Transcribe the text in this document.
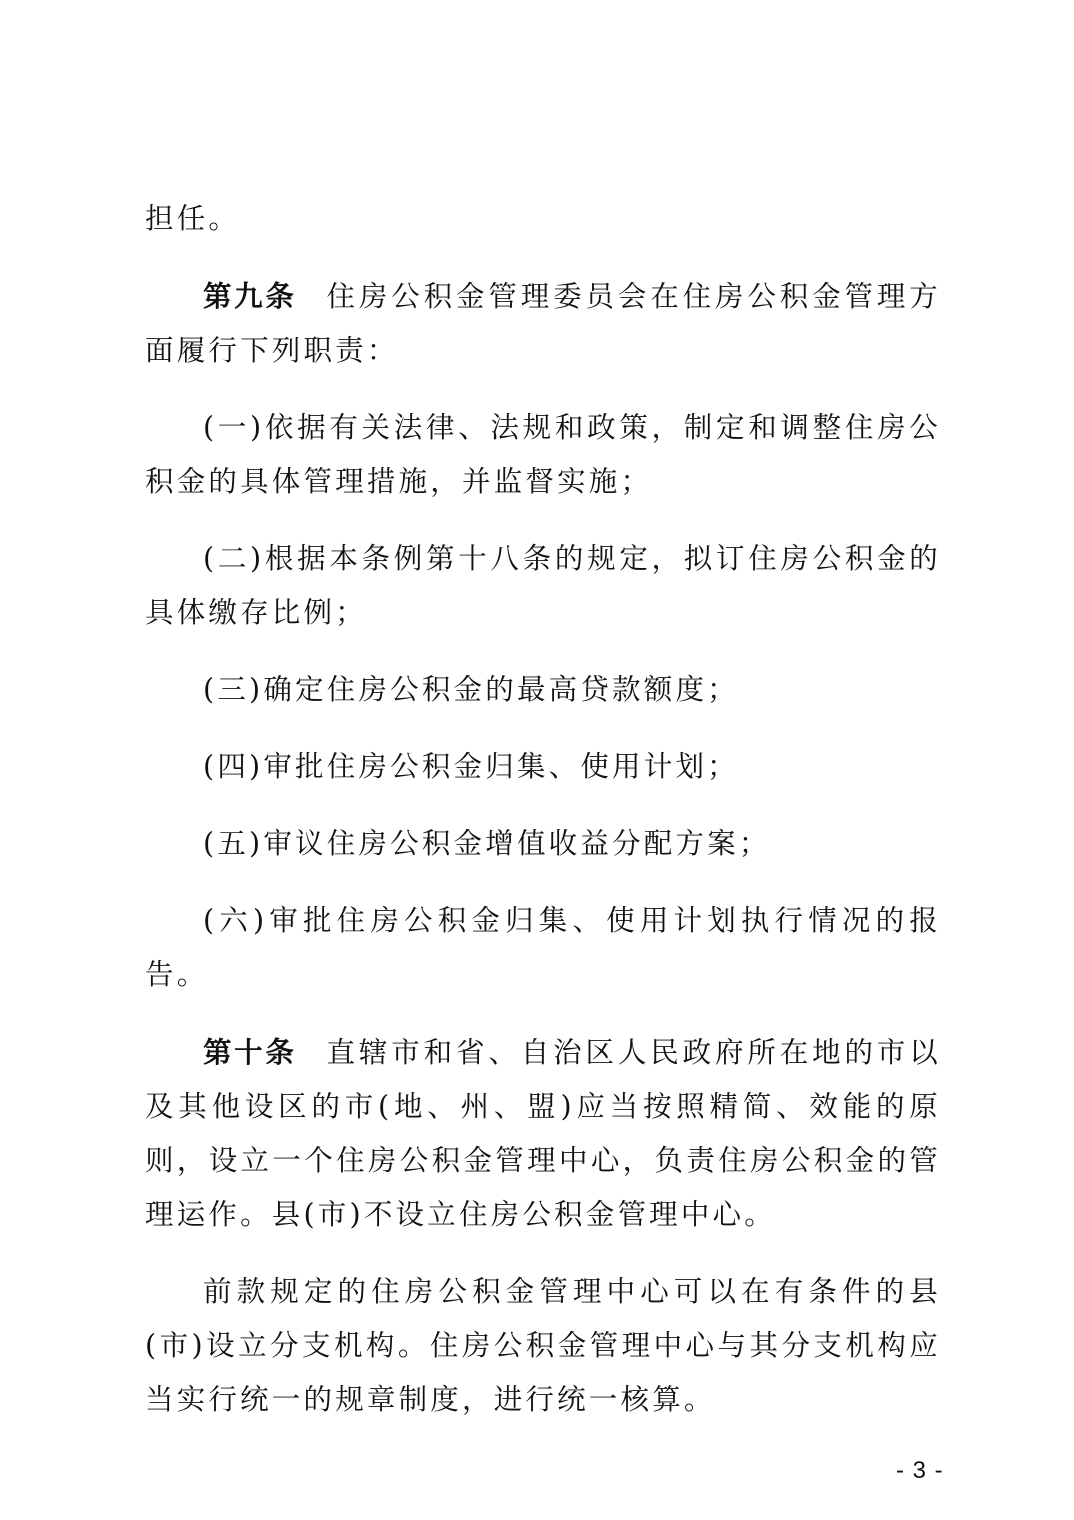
担任。

第九条 住房公积金管理委员会在住房公积金管理方面履行下列职责：

(一)依据有关法律、法规和政策，制定和调整住房公积金的具体管理措施，并监督实施；

(二)根据本条例第十八条的规定，拟订住房公积金的具体缴存比例；

(三)确定住房公积金的最高贷款额度；

(四)审批住房公积金归集、使用计划；

(五)审议住房公积金增值收益分配方案；

(六)审批住房公积金归集、使用计划执行情况的报告。

第十条 直辖市和省、自治区人民政府所在地的市以及其他设区的市(地、州、盟)应当按照精简、效能的原则，设立一个住房公积金管理中心，负责住房公积金的管理运作。县(市)不设立住房公积金管理中心。

前款规定的住房公积金管理中心可以在有条件的县(市)设立分支机构。住房公积金管理中心与其分支机构应当实行统一的规章制度，进行统一核算。

- 3 -
